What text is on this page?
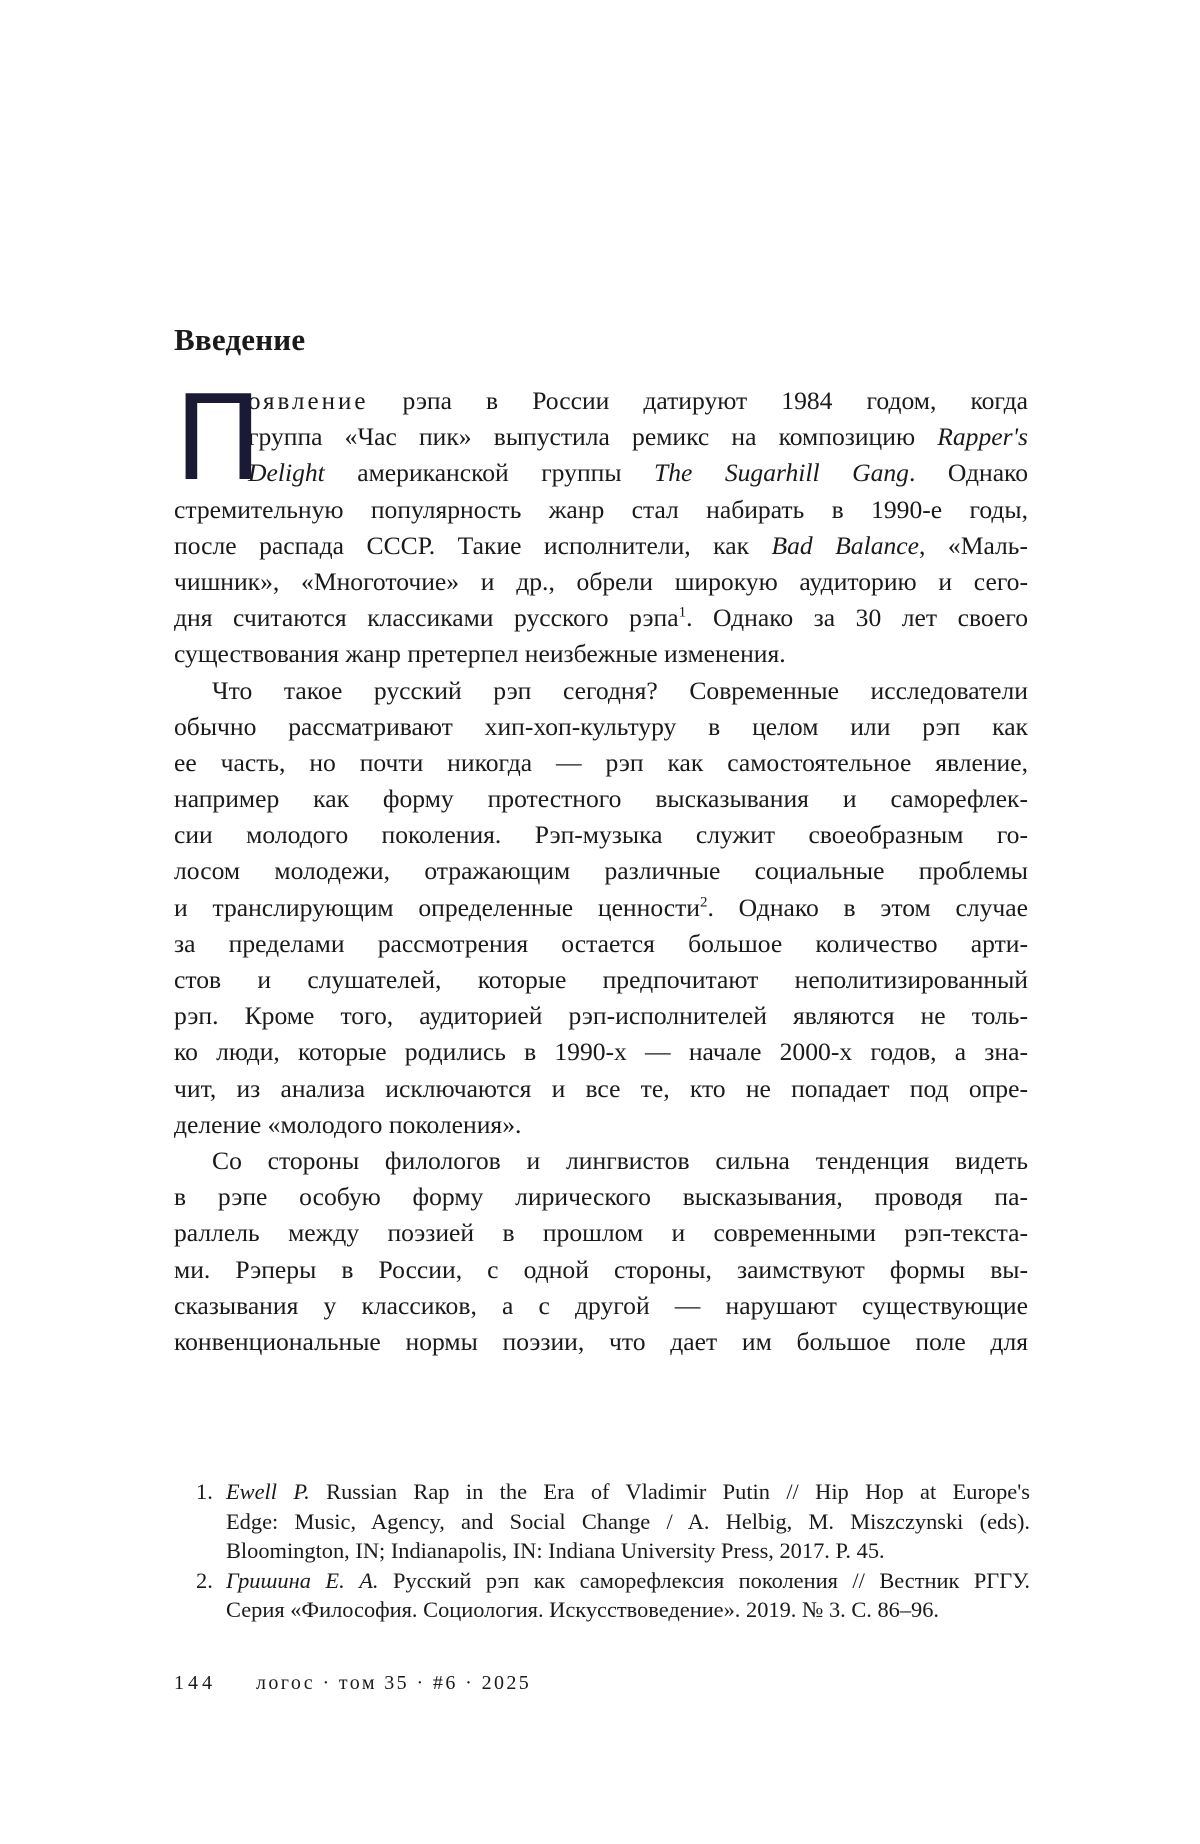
Введение
П
оявление рэпа в России датируют 1984 годом, когда
группа «Час пик» выпустила ремикс на композицию Rapper's
Delight американской группы The Sugarhill Gang. Однако
стремительную популярность жанр стал набирать в 1990-е годы,
после распада СССР. Такие исполнители, как Bad Balance, «Маль-
чишник», «Многоточие» и др., обрели широкую аудиторию и сего-
дня считаются классиками русского рэпа$^1$. Однако за 30 лет своего
существования жанр претерпел неизбежные изменения.
Что такое русский рэп сегодня? Современные исследователи
обычно рассматривают хип-хоп-культуру в целом или рэп как
ее часть, но почти никогда — рэп как самостоятельное явление,
например как форму протестного высказывания и саморефлек-
сии молодого поколения. Рэп-музыка служит своеобразным го-
лосом молодежи, отражающим различные социальные проблемы
и транслирующим определенные ценности$^2$. Однако в этом случае
за пределами рассмотрения остается большое количество арти-
стов и слушателей, которые предпочитают неполитизированный
рэп. Кроме того, аудиторией рэп-исполнителей являются не толь-
ко люди, которые родились в 1990-х — начале 2000-х годов, а зна-
чит, из анализа исключаются и все те, кто не попадает под опре-
деление «молодого поколения».
Со стороны филологов и лингвистов сильна тенденция видеть
в рэпе особую форму лирического высказывания, проводя па-
раллель между поэзией в прошлом и современными рэп-текста-
ми. Рэперы в России, с одной стороны, заимствуют формы вы-
сказывания у классиков, а с другой — нарушают существующие
конвенциональные нормы поэзии, что дает им большое поле для
1. Ewell P. Russian Rap in the Era of Vladimir Putin // Hip Hop at Europe's
Edge: Music, Agency, and Social Change / A. Helbig, M. Miszczynski (eds).
Bloomington, IN; Indianapolis, IN: Indiana University Press, 2017. P. 45.
2. Гришина Е. А. Русский рэп как саморефлексия поколения // Вестник РГГУ.
Серия «Философия. Социология. Искусствоведение». 2019. № 3. С. 86–96.
144 логос · том 35 · #6 · 2025
